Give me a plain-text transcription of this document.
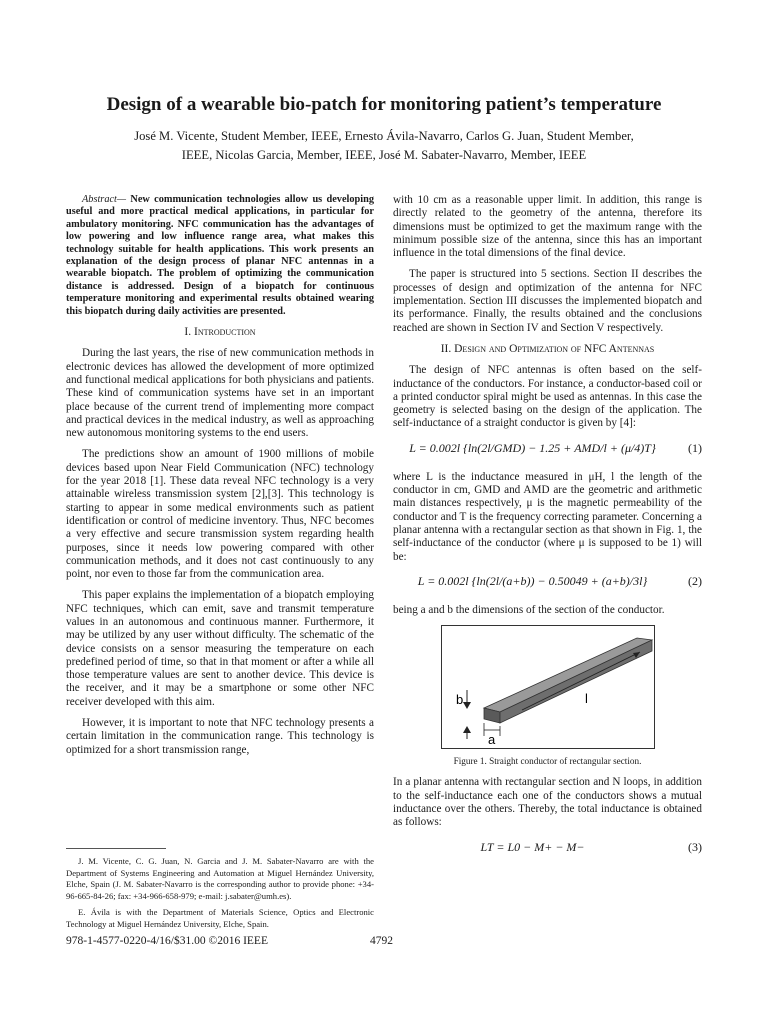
Design of a wearable bio-patch for monitoring patient’s temperature
José M. Vicente, Student Member, IEEE, Ernesto Ávila-Navarro, Carlos G. Juan, Student Member,
IEEE, Nicolas Garcia, Member, IEEE, José M. Sabater-Navarro, Member, IEEE

Abstract— New communication technologies allow us developing useful and more practical medical applications, in particular for ambulatory monitoring. NFC communication has the advantages of low powering and low influence range area, what makes this technology suitable for health applications. This work presents an explanation of the design process of planar NFC antennas in a wearable biopatch. The problem of optimizing the communication distance is addressed. Design of a biopatch for continuous temperature monitoring and experimental results obtained wearing this biopatch during daily activities are presented.

I. Introduction

During the last years, the rise of new communication methods in electronic devices has allowed the development of more optimized and functional medical applications for both physicians and patients. These kind of communication systems have set in an important place because of the current trend of implementing more compact and practical devices in the medical industry, as well as approaching new autonomous monitoring systems to the end users.

The predictions show an amount of 1900 millions of mobile devices based upon Near Field Communication (NFC) technology for the year 2018 [1]. These data reveal NFC technology is a very attainable wireless transmission system [2],[3]. This technology is starting to appear in some medical environments such as patient identification or control of medicine inventory. Thus, NFC becomes a very effective and secure transmission system regarding health purposes, since it needs low powering compared with other communication methods, and it does not cast continuously to any point, nor even to those far from the communication area.

This paper explains the implementation of a biopatch employing NFC techniques, which can emit, save and transmit temperature values in an autonomous and continuous manner. Furthermore, it may be utilized by any user without difficulty. The schematic of the device consists on a sensor measuring the temperature on each predefined period of time, so that in that moment or after a while all those temperature values are sent to another device. This device is the receiver, and it may be a smartphone or some other NFC receiver developed with this aim.

However, it is important to note that NFC technology presents a certain limitation in the communication range. This technology is optimized for a short transmission range,

J. M. Vicente, C. G. Juan, N. Garcia and J. M. Sabater-Navarro are with the Department of Systems Engineering and Automation at Miguel Hernández University, Elche, Spain (J. M. Sabater-Navarro is the corresponding author to provide phone: +34-96-665-84-26; fax: +34-966-658-979; e-mail: j.sabater@umh.es).

E. Ávila is with the Department of Materials Science, Optics and Electronic Technology at Miguel Hernández University, Elche, Spain.

with 10 cm as a reasonable upper limit. In addition, this range is directly related to the geometry of the antenna, therefore its dimensions must be optimized to get the maximum range with the minimum possible size of the antenna, since this has an important influence in the total dimensions of the final device.

The paper is structured into 5 sections. Section II describes the processes of design and optimization of the antenna for NFC implementation. Section III discusses the implemented biopatch and its performance. Finally, the results obtained and the conclusions reached are shown in Section IV and Section V respectively.

II. Design and Optimization of NFC Antennas

The design of NFC antennas is often based on the self-inductance of the conductors. For instance, a conductor-based coil or a printed conductor spiral might be used as antennas. In this case the geometry is selected basing on the design of the application. The self-inductance of a straight conductor is given by [4]:

L = 0.002l {ln(2l/GMD) − 1.25 + AMD/l + (μ/4)T}	(1)

where L is the inductance measured in μH, l the length of the conductor in cm, GMD and AMD are the geometric and arithmetic main distances respectively, μ is the magnetic permeability of the conductor and T is the frequency correcting parameter. Concerning a planar antenna with a rectangular section as that shown in Fig. 1, the self-inductance of the conductor (where μ is supposed to be 1) will be:

L = 0.002l {ln(2l/(a+b)) − 0.50049 + (a+b)/3l}	(2)

being a and b the dimensions of the section of the conductor.

b
a
l

Figure 1. Straight conductor of rectangular section.

In a planar antenna with rectangular section and N loops, in addition to the self-inductance each one of the conductors shows a mutual inductance over the others. Thereby, the total inductance is obtained as follows:

LT = L0 − M+ − M−	(3)
978-1-4577-0220-4/16/$31.00 ©2016 IEEE	4792
